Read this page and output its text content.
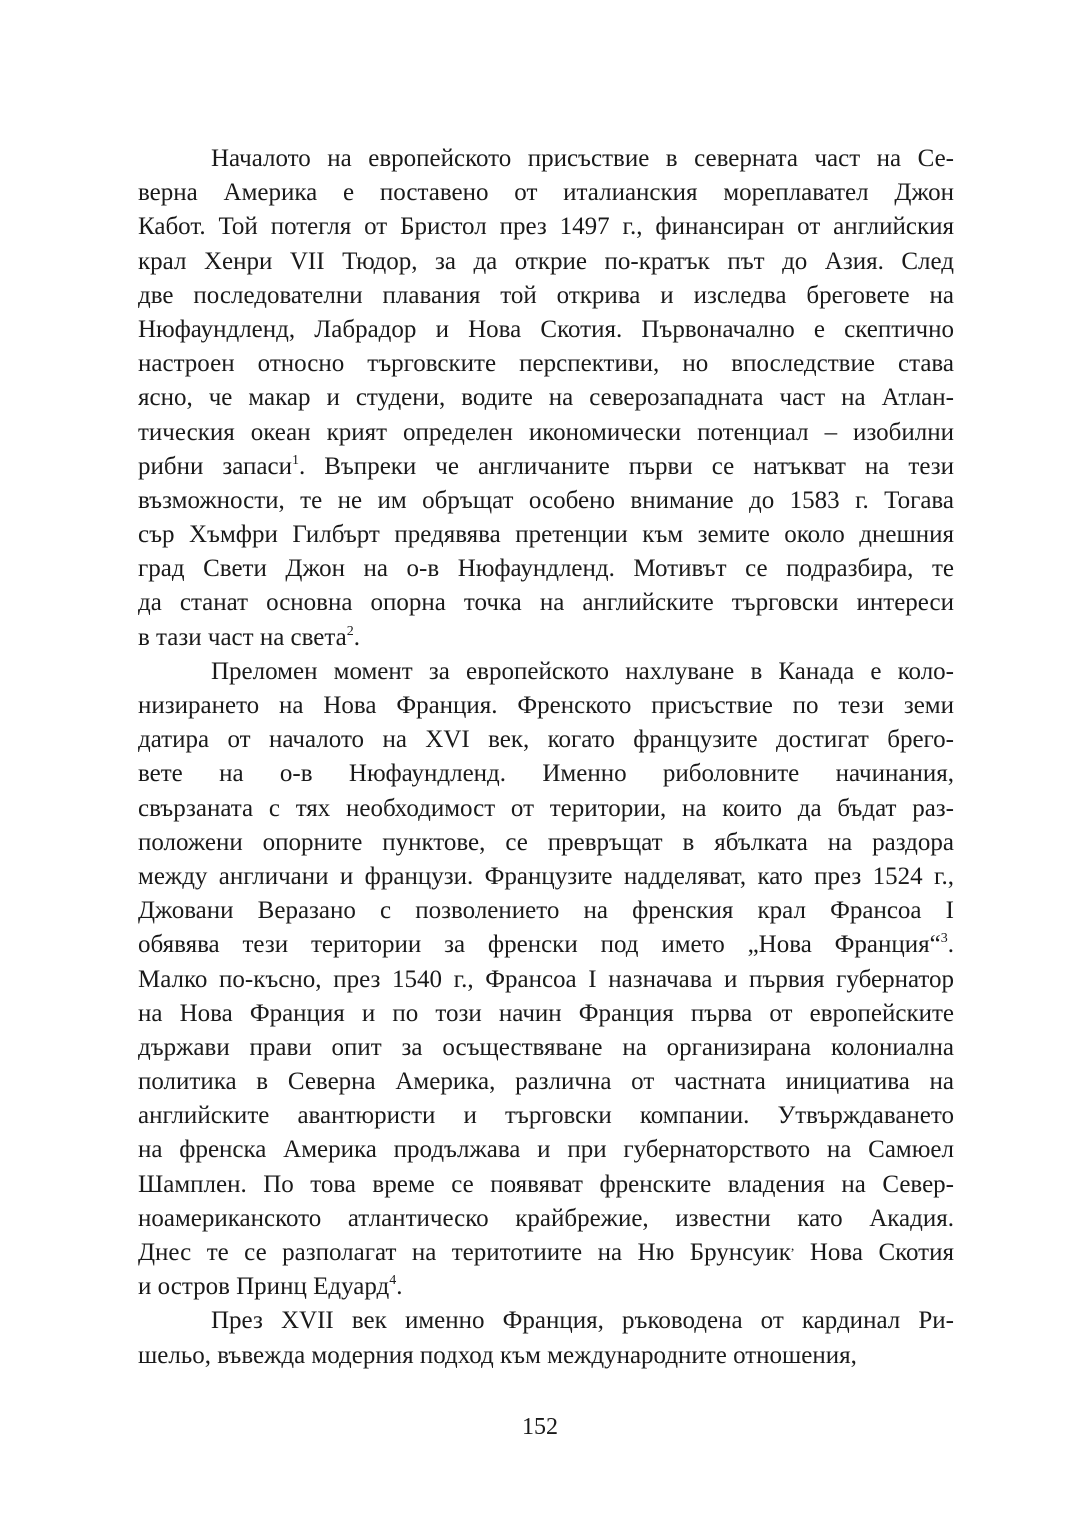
Началото на европейското присъствие в северната част на Се-
верна Америка е поставено от италианския мореплавател Джон
Кабот. Той потегля от Бристол през 1497 г., финансиран от английския
крал Хенри VII Тюдор, за да открие по-кратък път до Азия. След
две последователни плавания той открива и изследва бреговете на
Нюфаундленд, Лабрадор и Нова Скотия. Първоначално е скептично
настроен относно търговските перспективи, но впоследствие става
ясно, че макар и студени, водите на северозападната част на Атлан-
тическия океан крият определен икономически потенциал – изобилни
рибни запаси$^1$. Въпреки че англичаните първи се натъкват на тези
възможности, те не им обръщат особено внимание до 1583 г. Тогава
сър Хъмфри Гилбърт предявява претенции към земите около днешния
град Свети Джон на о-в Нюфаундленд. Мотивът се подразбира, те
да станат основна опорна точка на английските търговски интереси
в тази част на света$^2$.
Преломен момент за европейското нахлуване в Канада е коло-
низирането на Нова Франция. Френското присъствие по тези земи
датира от началото на XVI век, когато французите достигат брего-
вете на о-в Нюфаундленд. Именно риболовните начинания,
свързаната с тях необходимост от територии, на които да бъдат раз-
положени опорните пунктове, се превръщат в ябълката на раздора
между англичани и французи. Французите надделяват, като през 1524 г.,
Джовани Веразано с позволението на френския крал Франсоа I
обявява тези територии за френски под името „Нова Франция“$^3$.
Малко по-късно, през 1540 г., Франсоа I назначава и първия губернатор
на Нова Франция и по този начин Франция първа от европейските
държави прави опит за осъществяване на организирана колониална
политика в Северна Америка, различна от частната инициатива на
английските авантюристи и търговски компании. Утвърждаването
на френска Америка продължава и при губернаторството на Самюел
Шамплен. По това време се появяват френските владения на Север-
ноамериканското атлантическо крайбрежие, известни като Акадия.
Днес те се разполагат на теритотиите на Ню Брунсуик, Нова Скотия
и остров Принц Едуард$^4$.
През XVII век именно Франция, ръководена от кардинал Ри-
шельо, въвежда модерния подход към международните отношения,
152
